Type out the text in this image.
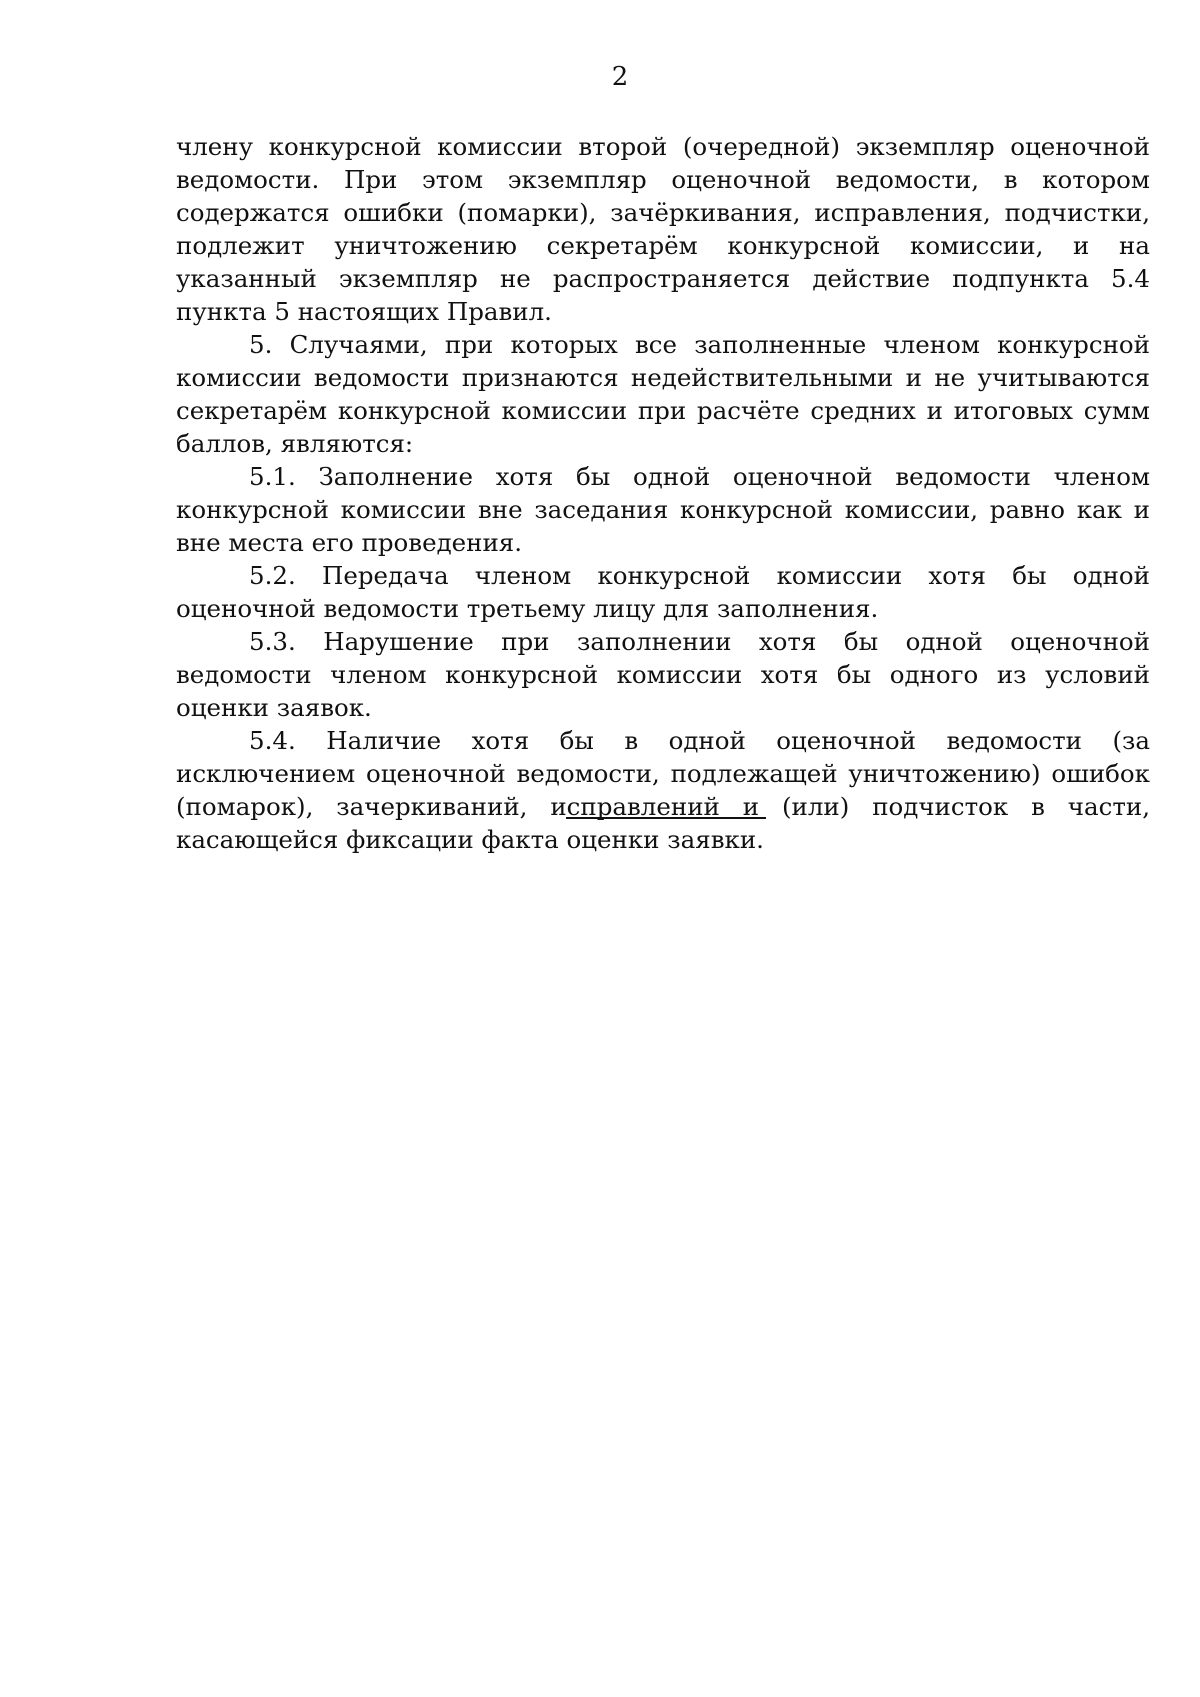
2

члену конкурсной комиссии второй (очередной) экземпляр оценочной ведомости. При этом экземпляр оценочной ведомости, в котором содержатся ошибки (помарки), зачёркивания, исправления, подчистки, подлежит уничтожению секретарём конкурсной комиссии, и на указанный экземпляр не распространяется действие подпункта 5.4 пункта 5 настоящих Правил.

5. Случаями, при которых все заполненные членом конкурсной комиссии ведомости признаются недействительными и не учитываются секретарём конкурсной комиссии при расчёте средних и итоговых сумм баллов, являются:

5.1. Заполнение хотя бы одной оценочной ведомости членом конкурсной комиссии вне заседания конкурсной комиссии, равно как и вне места его проведения.

5.2. Передача членом конкурсной комиссии хотя бы одной оценочной ведомости третьему лицу для заполнения.

5.3. Нарушение при заполнении хотя бы одной оценочной ведомости членом конкурсной комиссии хотя бы одного из условий оценки заявок.

5.4. Наличие хотя бы в одной оценочной ведомости (за исключением оценочной ведомости, подлежащей уничтожению) ошибок (помарок), зачеркиваний, исправлений и (или) подчисток в части, касающейся фиксации факта оценки заявки.
